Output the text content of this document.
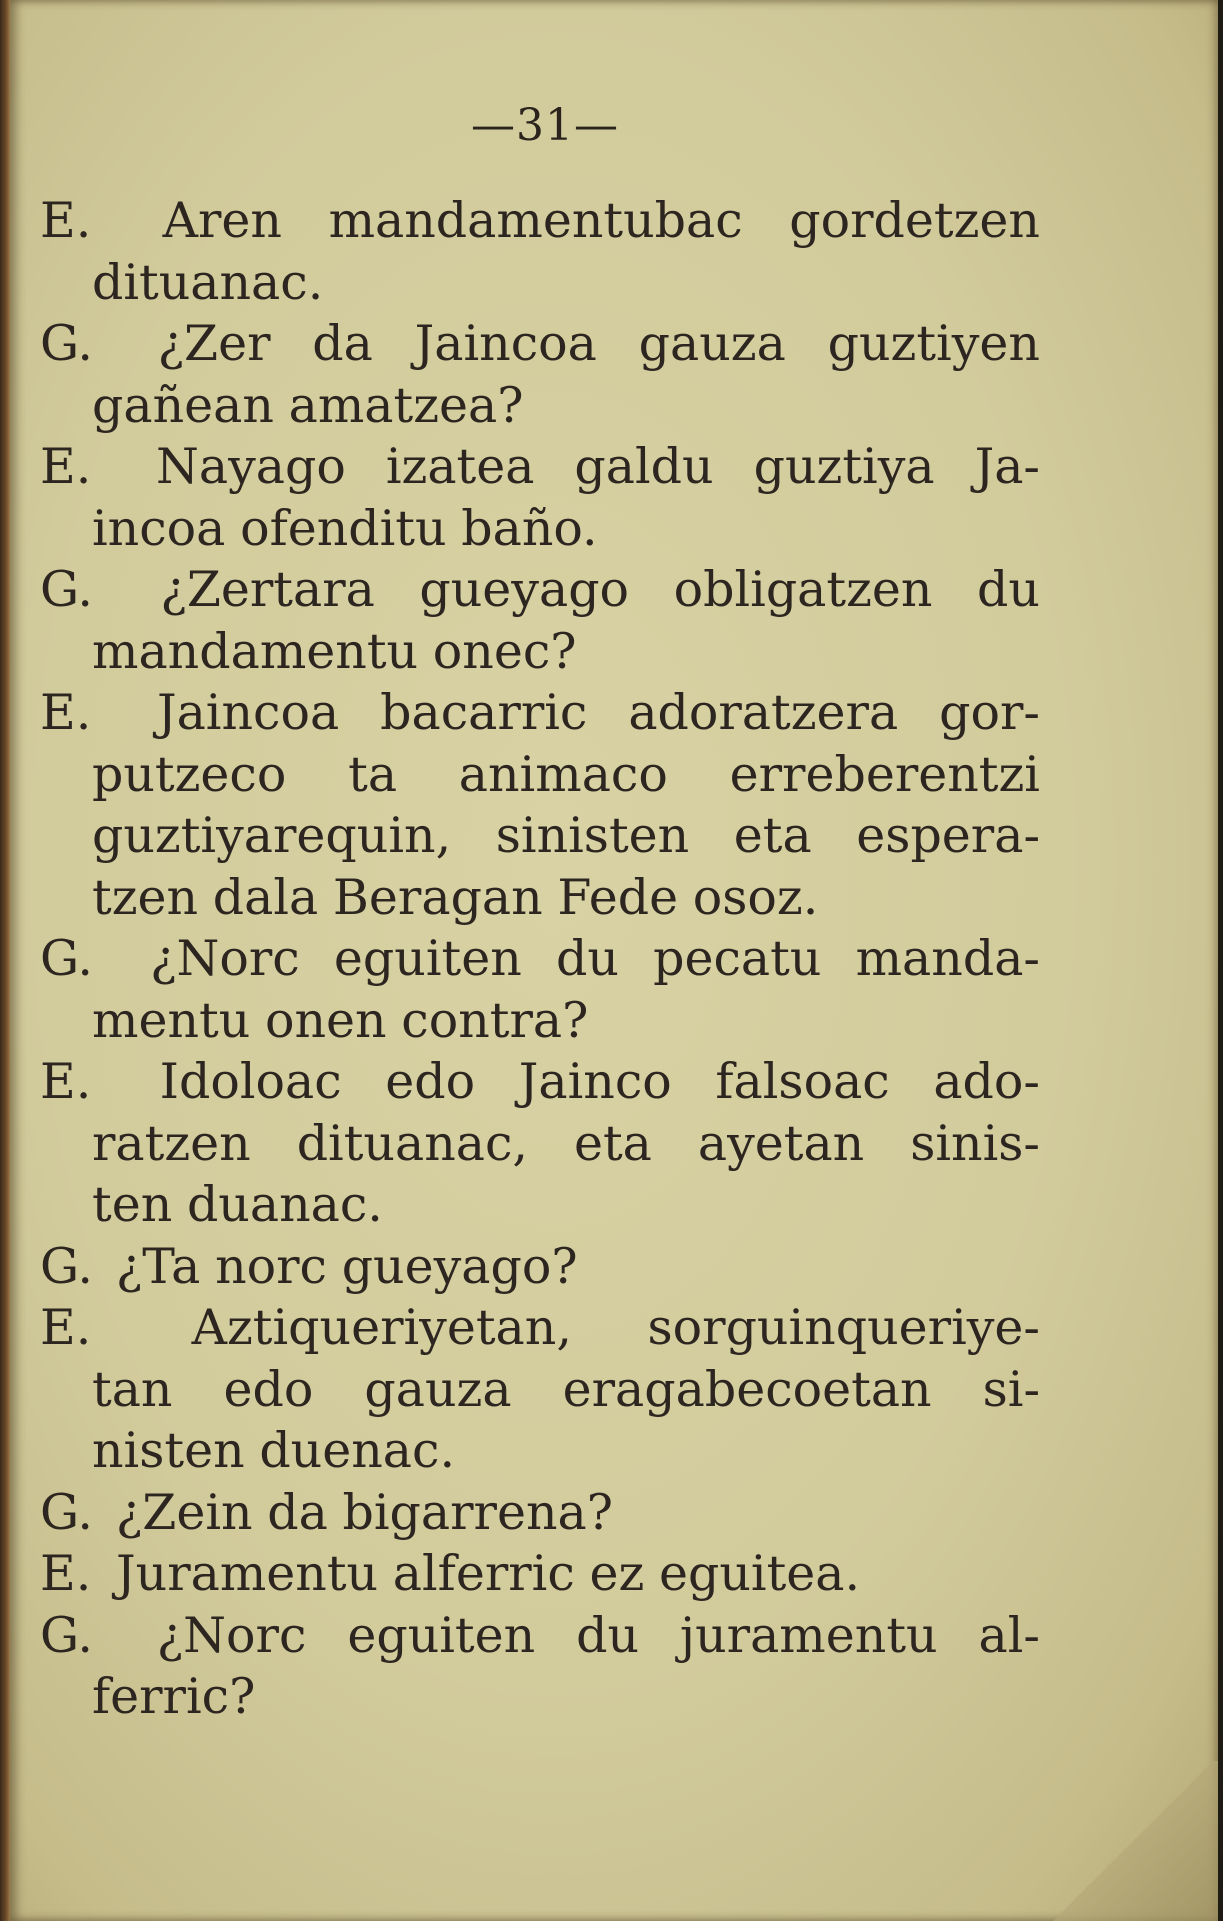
—31—
E.	Aren mandamentubac gordetzen
dituanac.
G.	¿Zer da Jaincoa gauza guztiyen
gañean amatzea?
E.	Nayago izatea galdu guztiya Ja-
incoa ofenditu baño.
G.	¿Zertara gueyago obligatzen du
mandamentu onec?
E.	Jaincoa bacarric adoratzera gor-
putzeco ta animaco erreberentzi
guztiyarequin, sinisten eta espera-
tzen dala Beragan Fede osoz.
G.	¿Norc eguiten du pecatu manda-
mentu onen contra?
E.	Idoloac edo Jainco falsoac ado-
ratzen dituanac, eta ayetan sinis-
ten duanac.
G. ¿Ta norc gueyago?
E.	Aztiqueriyetan, sorguinqueriye-
tan edo gauza eragabecoetan si-
nisten duenac.
G. ¿Zein da bigarrena?
E. Juramentu alferric ez eguitea.
G.	¿Norc eguiten du juramentu al-
ferric?
